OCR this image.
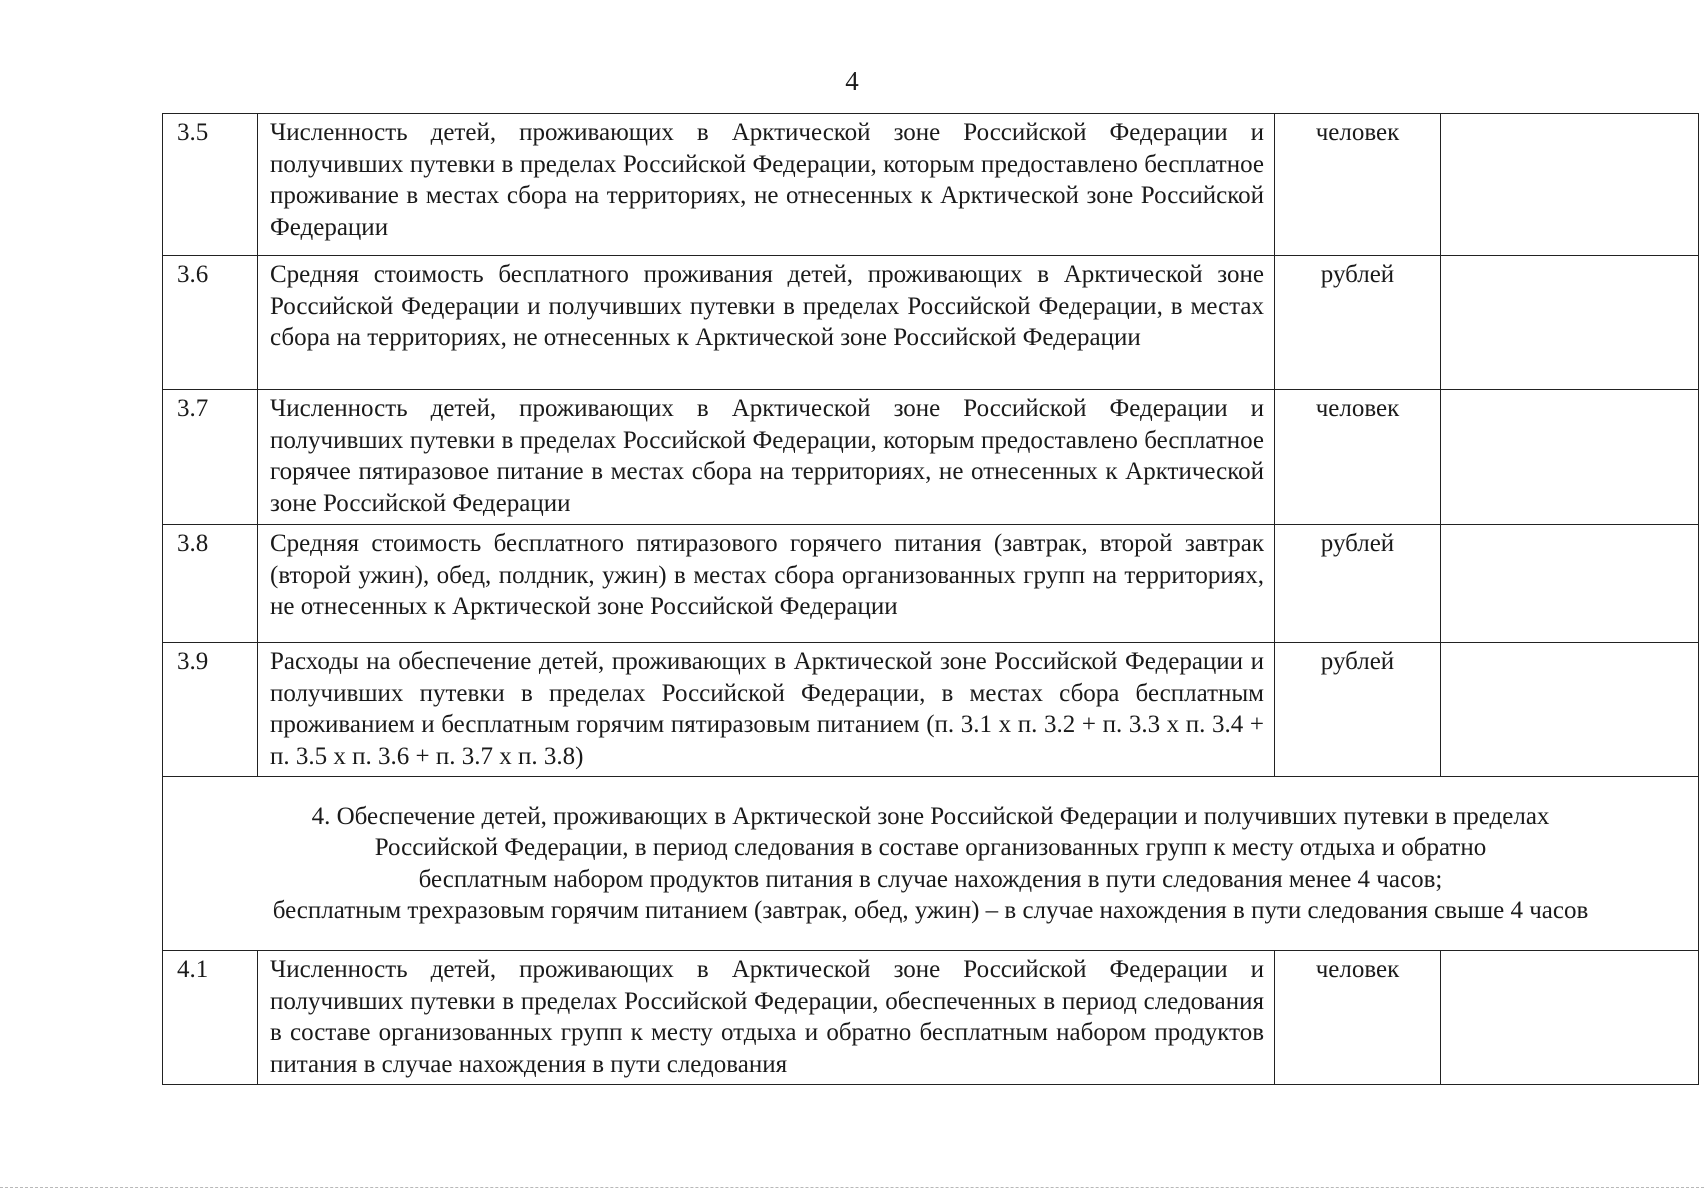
4
3.5	Численность детей, проживающих в Арктической зоне Российской Федерации и получивших путевки в пределах Российской Федерации, которым предоставлено бесплатное проживание в местах сбора на территориях, не отнесенных к Арктической зоне Российской Федерации	человек	
3.6	Средняя стоимость бесплатного проживания детей, проживающих в Арктической зоне Российской Федерации и получивших путевки в пределах Российской Федерации, в местах сбора на территориях, не отнесенных к Арктической зоне Российской Федерации	рублей	
3.7	Численность детей, проживающих в Арктической зоне Российской Федерации и получивших путевки в пределах Российской Федерации, которым предоставлено бесплатное горячее пятиразовое питание в местах сбора на территориях, не отнесенных к Арктической зоне Российской Федерации	человек	
3.8	Средняя стоимость бесплатного пятиразового горячего питания (завтрак, второй завтрак (второй ужин), обед, полдник, ужин) в местах сбора организованных групп на территориях, не отнесенных к Арктической зоне Российской Федерации	рублей	
3.9	Расходы на обеспечение детей, проживающих в Арктической зоне Российской Федерации и получивших путевки в пределах Российской Федерации, в местах сбора бесплатным проживанием и бесплатным горячим пятиразовым питанием (п. 3.1 х п. 3.2 + п. 3.3 х п. 3.4 + п. 3.5 х п. 3.6 + п. 3.7 х п. 3.8)	рублей	

4. Обеспечение детей, проживающих в Арктической зоне Российской Федерации и получивших путевки в пределах
Российской Федерации, в период следования в составе организованных групп к месту отдыха и обратно
бесплатным набором продуктов питания в случае нахождения в пути следования менее 4 часов;
бесплатным трехразовым горячим питанием (завтрак, обед, ужин) – в случае нахождения в пути следования свыше 4 часов			

4.1	Численность детей, проживающих в Арктической зоне Российской Федерации и получивших путевки в пределах Российской Федерации, обеспеченных в период следования в составе организованных групп к месту отдыха и обратно бесплатным набором продуктов питания в случае нахождения в пути следования	человек	
